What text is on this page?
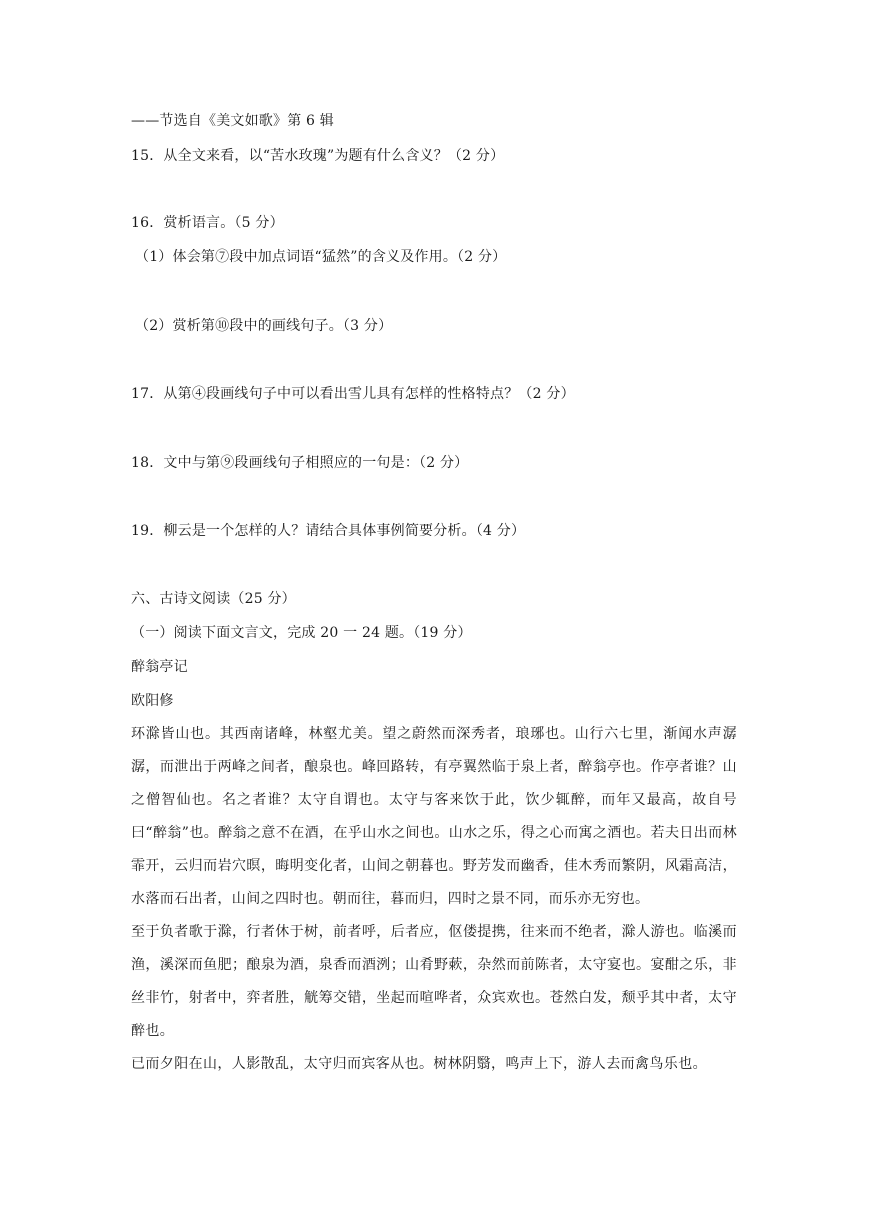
——节选自《美文如歌》第 6 辑
15．从全文来看，以“苦水玫瑰”为题有什么含义？（2 分）
16．赏析语言。（5 分）
（1）体会第⑦段中加点词语“猛然”的含义及作用。（2 分）
（2）赏析第⑩段中的画线句子。（3 分）
17．从第④段画线句子中可以看出雪儿具有怎样的性格特点？（2 分）
18．文中与第⑨段画线句子相照应的一句是：（2 分）
19．柳云是一个怎样的人？请结合具体事例简要分析。（4 分）
六、古诗文阅读（25 分）
（一）阅读下面文言文，完成 20 一 24 题。（19 分）
醉翁亭记
欧阳修

环滁皆山也。其西南诸峰，林壑尤美。望之蔚然而深秀者，琅琊也。山行六七里，渐闻水声潺潺，而泄出于两峰之间者，酿泉也。峰回路转，有亭翼然临于泉上者，醉翁亭也。作亭者谁？山之僧智仙也。名之者谁？太守自谓也。太守与客来饮于此，饮少辄醉，而年又最高，故自号曰“醉翁”也。醉翁之意不在酒，在乎山水之间也。山水之乐，得之心而寓之酒也。若夫日出而林霏开，云归而岩穴暝，晦明变化者，山间之朝暮也。野芳发而幽香，佳木秀而繁阴，风霜高洁，水落而石出者，山间之四时也。朝而往，暮而归，四时之景不同，而乐亦无穷也。

至于负者歌于滁，行者休于树，前者呼，后者应，伛偻提携，往来而不绝者，滁人游也。临溪而渔，溪深而鱼肥；酿泉为酒，泉香而酒洌；山肴野蔌，杂然而前陈者，太守宴也。宴酣之乐，非丝非竹，射者中，弈者胜，觥筹交错，坐起而喧哗者，众宾欢也。苍然白发，颓乎其中者，太守醉也。

已而夕阳在山，人影散乱，太守归而宾客从也。树林阴翳，鸣声上下，游人去而禽鸟乐也。
